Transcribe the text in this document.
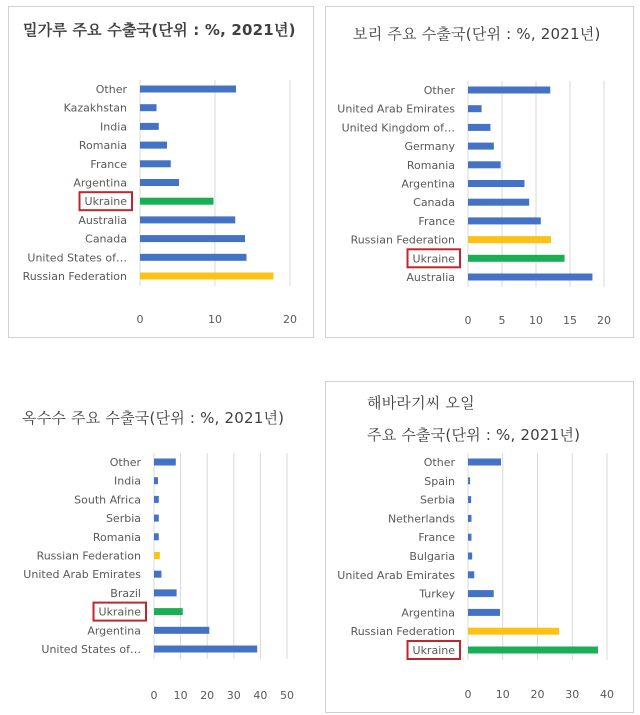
밀가루 주요 수출국(단위 : %, 2021년)
0	10	20
Other
Kazakhstan
India
Romania
France
Argentina
Ukraine
Australia
Canada
United States of…
Russian Federation
보리 주요 수출국(단위 : %, 2021년)
0 5 10 15 20
Other
United Arab Emirates
United Kingdom of…
Germany
Romania
Argentina
Canada
France
Russian Federation
Ukraine
Australia
옥수수 주요 수출국(단위 : %, 2021년)
0 10 20 30 40 50
Other
India
South Africa
Serbia
Romania
Russian Federation
United Arab Emirates
Brazil
Ukraine
Argentina
United States of…
해바라기씨 오일
주요 수출국(단위 : %, 2021년)
0 10 20 30 40
Other
Spain
Serbia
Netherlands
France
Bulgaria
United Arab Emirates
Turkey
Argentina
Russian Federation
Ukraine
